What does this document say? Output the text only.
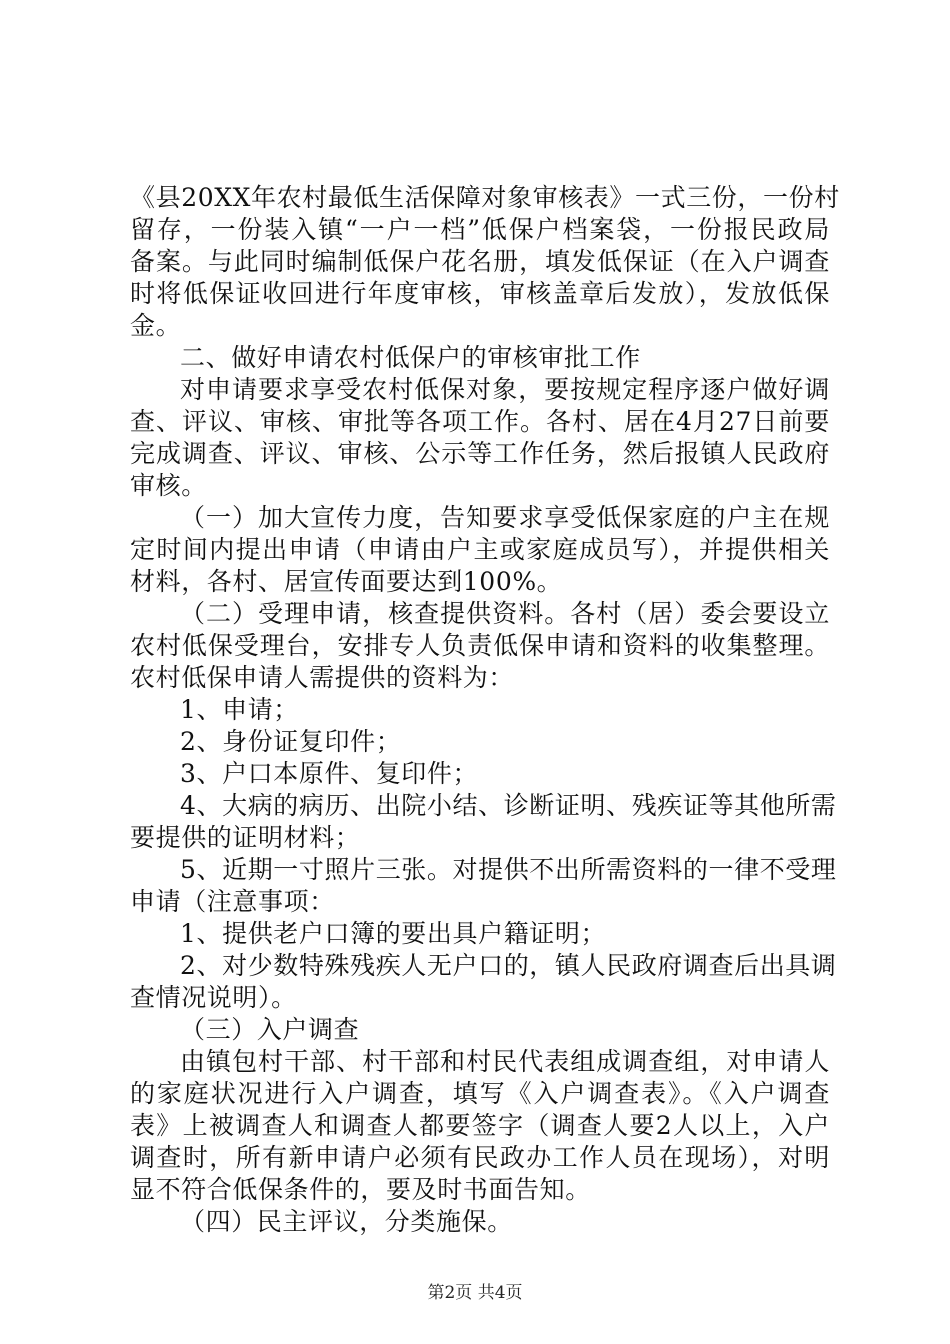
《县20XX年农村最低生活保障对象审核表》一式三份，一份村
留存，一份装入镇“一户一档”低保户档案袋，一份报民政局
备案。与此同时编制低保户花名册，填发低保证（在入户调查
时将低保证收回进行年度审核，审核盖章后发放），发放低保
金。
二、做好申请农村低保户的审核审批工作
对申请要求享受农村低保对象，要按规定程序逐户做好调
查、评议、审核、审批等各项工作。各村、居在4月27日前要
完成调查、评议、审核、公示等工作任务，然后报镇人民政府
审核。
（一）加大宣传力度，告知要求享受低保家庭的户主在规
定时间内提出申请（申请由户主或家庭成员写），并提供相关
材料，各村、居宣传面要达到100%。
（二）受理申请，核查提供资料。各村（居）委会要设立
农村低保受理台，安排专人负责低保申请和资料的收集整理。
农村低保申请人需提供的资料为：
1、申请；
2、身份证复印件；
3、户口本原件、复印件；
4、大病的病历、出院小结、诊断证明、残疾证等其他所需
要提供的证明材料；
5、近期一寸照片三张。对提供不出所需资料的一律不受理
申请（注意事项：
1、提供老户口簿的要出具户籍证明；
2、对少数特殊残疾人无户口的，镇人民政府调查后出具调
查情况说明）。
（三）入户调查
由镇包村干部、村干部和村民代表组成调查组，对申请人
的家庭状况进行入户调查，填写《入户调查表》。《入户调查
表》上被调查人和调查人都要签字（调查人要2人以上，入户
调查时，所有新申请户必须有民政办工作人员在现场），对明
显不符合低保条件的，要及时书面告知。
（四）民主评议，分类施保。
第2页 共4页
